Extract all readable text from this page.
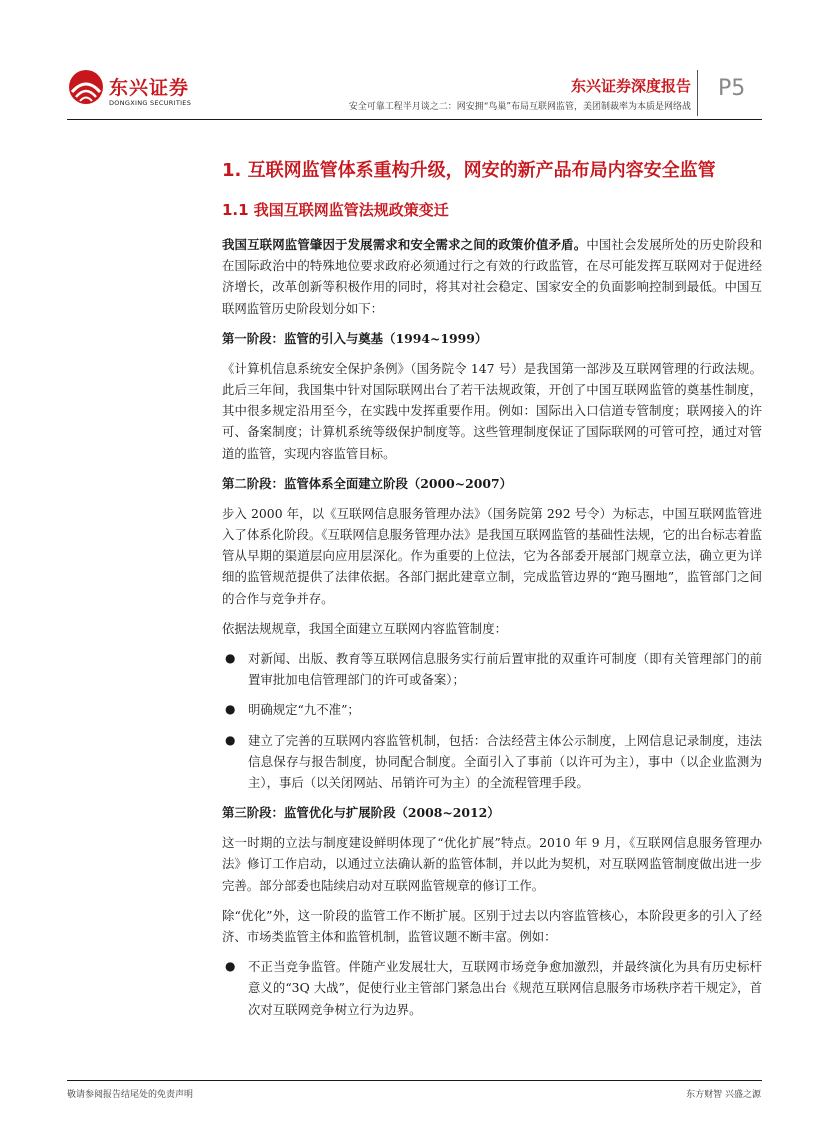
东兴证券
DONGXING SECURITIES
东兴证券深度报告
安全可靠工程半月谈之二：网安拥“鸟巢”布局互联网监管，美团制裁率为本质是网络战
P5
1. 互联网监管体系重构升级，网安的新产品布局内容安全监管
1.1 我国互联网监管法规政策变迁

我国互联网监管肇因于发展需求和安全需求之间的政策价值矛盾。中国社会发展所处的历史阶段和在国际政治中的特殊地位要求政府必须通过行之有效的行政监管，在尽可能发挥互联网对于促进经济增长，改革创新等积极作用的同时，将其对社会稳定、国家安全的负面影响控制到最低。中国互联网监管历史阶段划分如下：

第一阶段：监管的引入与奠基（1994~1999）

《计算机信息系统安全保护条例》（国务院令 147 号）是我国第一部涉及互联网管理的行政法规。此后三年间，我国集中针对国际联网出台了若干法规政策，开创了中国互联网监管的奠基性制度，其中很多规定沿用至今，在实践中发挥重要作用。例如：国际出入口信道专管制度；联网接入的许可、备案制度；计算机系统等级保护制度等。这些管理制度保证了国际联网的可管可控，通过对管道的监管，实现内容监管目标。

第二阶段：监管体系全面建立阶段（2000~2007）

步入 2000 年，以《互联网信息服务管理办法》（国务院第 292 号令）为标志，中国互联网监管进入了体系化阶段。《互联网信息服务管理办法》是我国互联网监管的基础性法规，它的出台标志着监管从早期的渠道层向应用层深化。作为重要的上位法，它为各部委开展部门规章立法，确立更为详细的监管规范提供了法律依据。各部门据此建章立制，完成监管边界的“跑马圈地”，监管部门之间的合作与竞争并存。

依据法规规章，我国全面建立互联网内容监管制度：

● 对新闻、出版、教育等互联网信息服务实行前后置审批的双重许可制度（即有关管理部门的前置审批加电信管理部门的许可或备案）；
● 明确规定“九不准”；
● 建立了完善的互联网内容监管机制，包括：合法经营主体公示制度，上网信息记录制度，违法信息保存与报告制度，协同配合制度。全面引入了事前（以许可为主），事中（以企业监测为主），事后（以关闭网站、吊销许可为主）的全流程管理手段。
第三阶段：监管优化与扩展阶段（2008~2012）

这一时期的立法与制度建设鲜明体现了“优化扩展”特点。2010 年 9 月，《互联网信息服务管理办法》修订工作启动，以通过立法确认新的监管体制，并以此为契机，对互联网监管制度做出进一步完善。部分部委也陆续启动对互联网监管规章的修订工作。

除“优化”外，这一阶段的监管工作不断扩展。区别于过去以内容监管核心，本阶段更多的引入了经济、市场类监管主体和监管机制，监管议题不断丰富。例如：

● 不正当竞争监管。伴随产业发展壮大，互联网市场竞争愈加激烈，并最终演化为具有历史标杆意义的“3Q 大战”，促使行业主管部门紧急出台《规范互联网信息服务市场秩序若干规定》，首次对互联网竞争树立行为边界。
敬请参阅报告结尾处的免责声明	东方财智 兴盛之源
